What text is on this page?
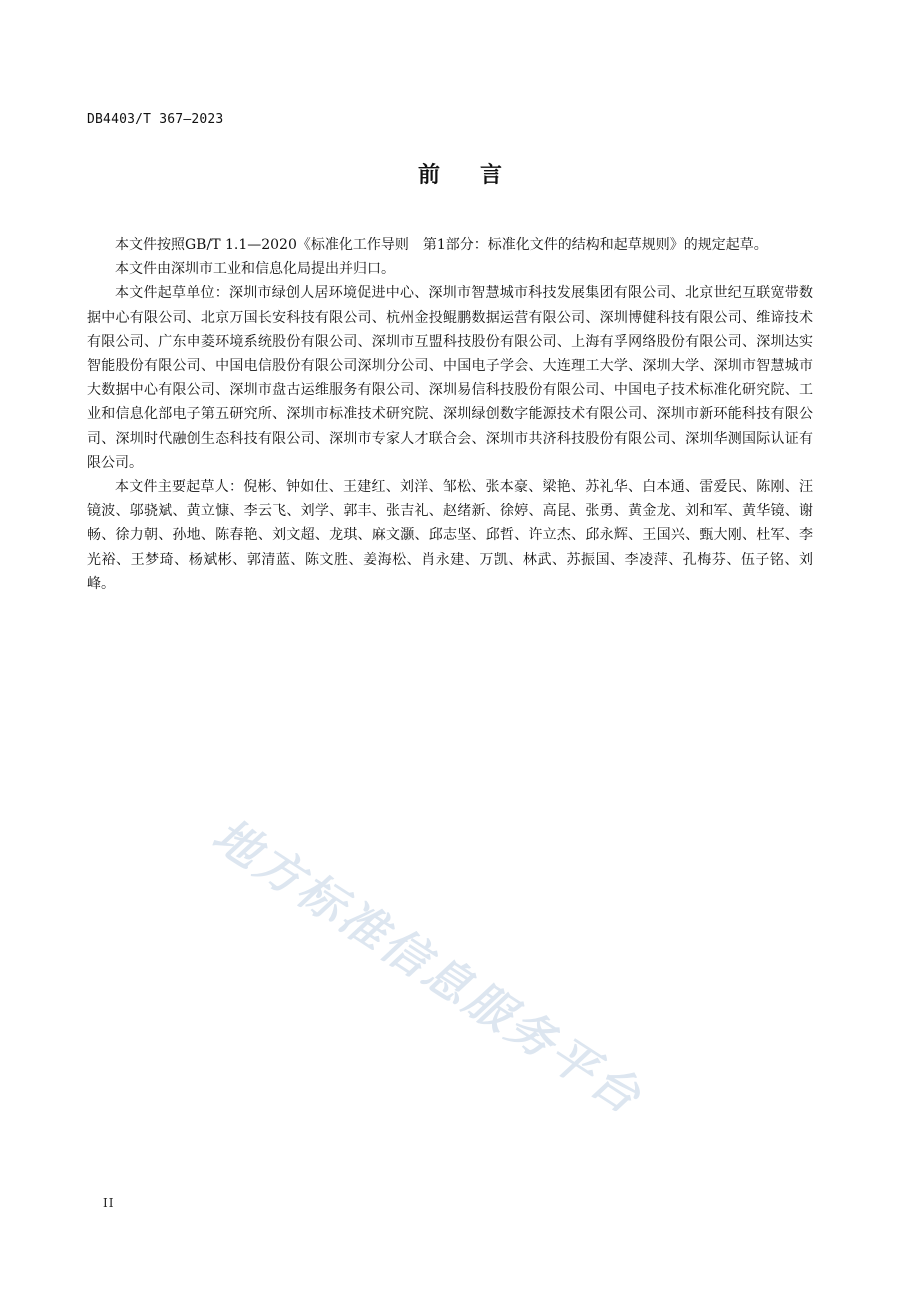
DB4403/T 367—2023
前言

本文件按照GB/T 1.1—2020《标准化工作导则　第1部分：标准化文件的结构和起草规则》的规定起草。

本文件由深圳市工业和信息化局提出并归口。

本文件起草单位：深圳市绿创人居环境促进中心、深圳市智慧城市科技发展集团有限公司、北京世纪互联宽带数据中心有限公司、北京万国长安科技有限公司、杭州金投鲲鹏数据运营有限公司、深圳博健科技有限公司、维谛技术有限公司、广东申菱环境系统股份有限公司、深圳市互盟科技股份有限公司、上海有孚网络股份有限公司、深圳达实智能股份有限公司、中国电信股份有限公司深圳分公司、中国电子学会、大连理工大学、深圳大学、深圳市智慧城市大数据中心有限公司、深圳市盘古运维服务有限公司、深圳易信科技股份有限公司、中国电子技术标准化研究院、工业和信息化部电子第五研究所、深圳市标准技术研究院、深圳绿创数字能源技术有限公司、深圳市新环能科技有限公司、深圳时代融创生态科技有限公司、深圳市专家人才联合会、深圳市共济科技股份有限公司、深圳华测国际认证有限公司。

本文件主要起草人：倪彬、钟如仕、王建红、刘洋、邹松、张本豪、梁艳、苏礼华、白本通、雷爱民、陈刚、汪镜波、邬骁斌、黄立慷、李云飞、刘学、郭丰、张吉礼、赵绪新、徐婷、高昆、张勇、黄金龙、刘和军、黄华镜、谢畅、徐力朝、孙地、陈春艳、刘文超、龙琪、麻文灏、邱志坚、邱哲、许立杰、邱永辉、王国兴、甄大刚、杜军、李光裕、王梦琦、杨斌彬、郭清蓝、陈文胜、姜海松、肖永建、万凯、林武、苏振国、李凌萍、孔梅芬、伍子铭、刘峰。

地方标准信息服务平台
II
